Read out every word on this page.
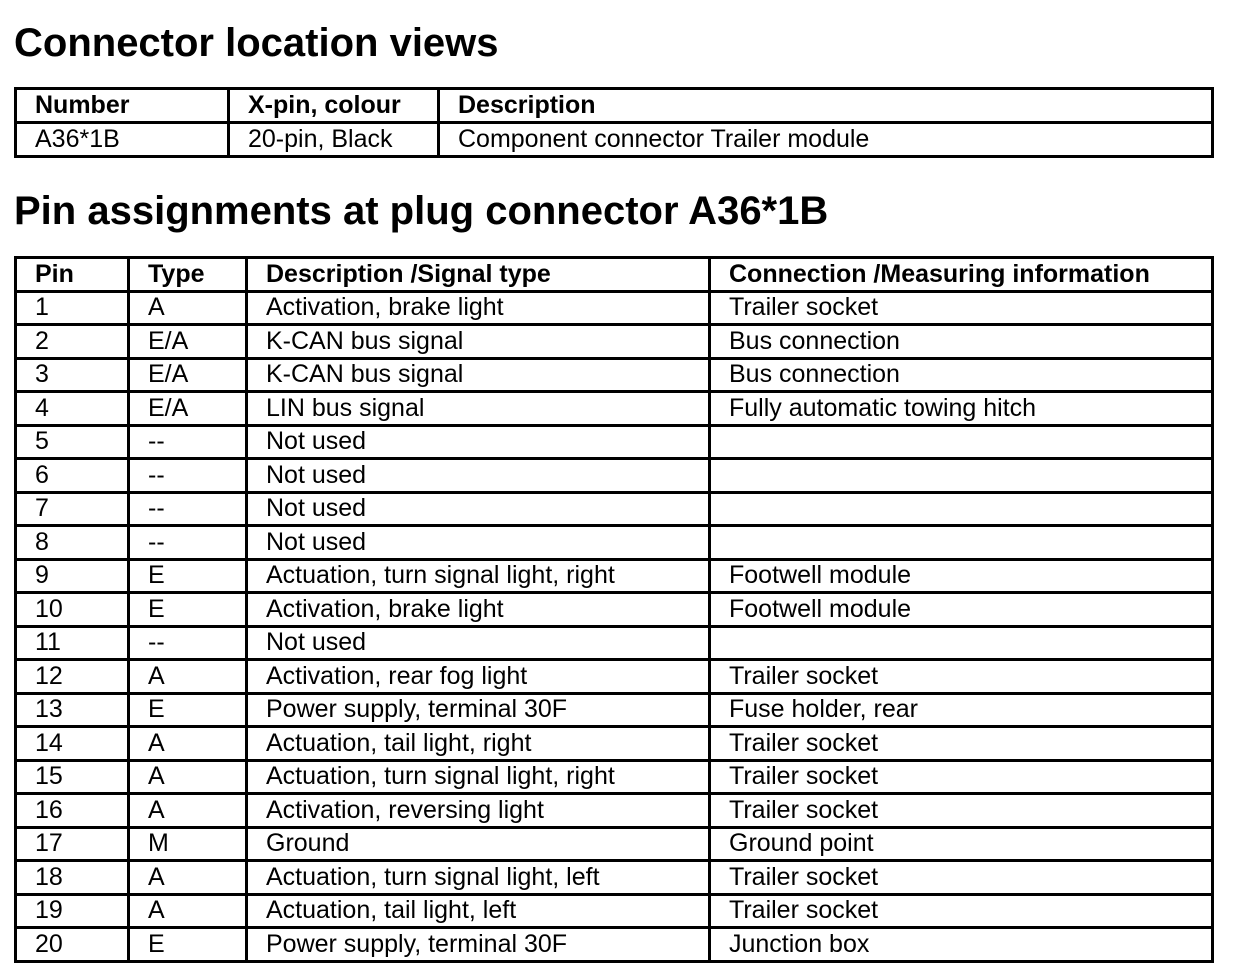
Connector location views
Number	X-pin, colour	Description
A36*1B	20-pin, Black	Component connector Trailer module
Pin assignments at plug connector A36*1B
Pin	Type	Description /Signal type	Connection /Measuring information
1	A	Activation, brake light	Trailer socket
2	E/A	K-CAN bus signal	Bus connection
3	E/A	K-CAN bus signal	Bus connection
4	E/A	LIN bus signal	Fully automatic towing hitch
5	--	Not used	
6	--	Not used	
7	--	Not used	
8	--	Not used	
9	E	Actuation, turn signal light, right	Footwell module
10	E	Activation, brake light	Footwell module
11	--	Not used	
12	A	Activation, rear fog light	Trailer socket
13	E	Power supply, terminal 30F	Fuse holder, rear
14	A	Actuation, tail light, right	Trailer socket
15	A	Actuation, turn signal light, right	Trailer socket
16	A	Activation, reversing light	Trailer socket
17	M	Ground	Ground point
18	A	Actuation, turn signal light, left	Trailer socket
19	A	Actuation, tail light, left	Trailer socket
20	E	Power supply, terminal 30F	Junction box
